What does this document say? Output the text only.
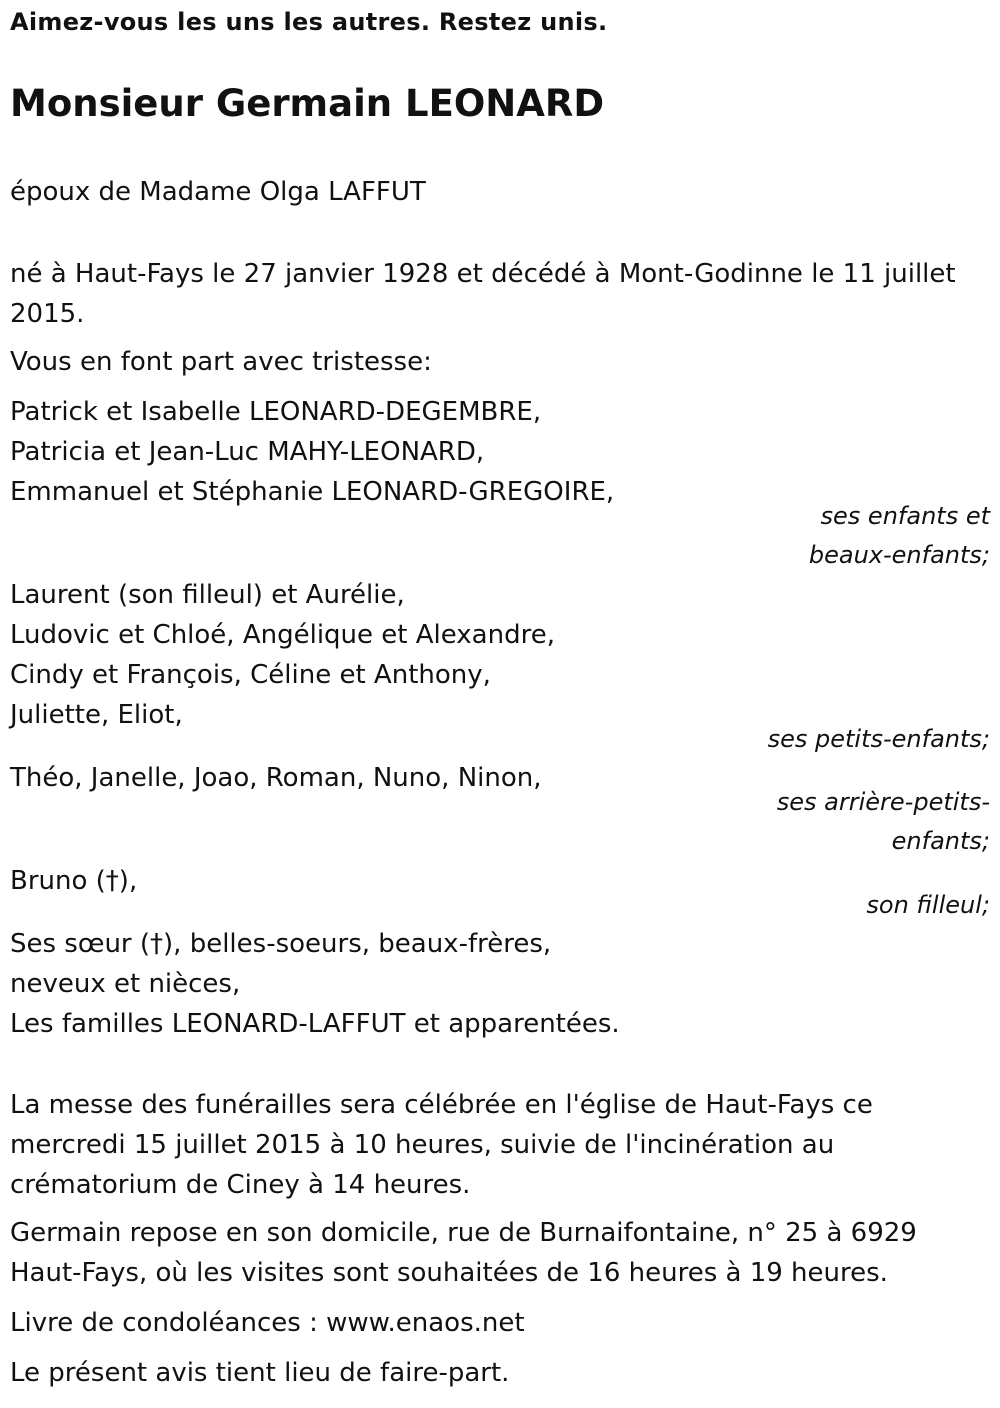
Aimez-vous les uns les autres. Restez unis.
Monsieur Germain LEONARD
époux de Madame Olga LAFFUT
né à Haut-Fays le 27 janvier 1928 et décédé à Mont-Godinne le 11 juillet 2015.
Vous en font part avec tristesse:
Patrick et Isabelle LEONARD-DEGEMBRE,
Patricia et Jean-Luc MAHY-LEONARD,
Emmanuel et Stéphanie LEONARD-GREGOIRE,
ses enfants et
beaux-enfants;
Laurent (son filleul) et Aurélie,
Ludovic et Chloé, Angélique et Alexandre,
Cindy et François, Céline et Anthony,
Juliette, Eliot,
ses petits-enfants;
Théo, Janelle, Joao, Roman, Nuno, Ninon,
ses arrière-petits-
enfants;
Bruno (†),
son filleul;
Ses sœur (†), belles-soeurs, beaux-frères,
neveux et nièces,
Les familles LEONARD-LAFFUT et apparentées.
La messe des funérailles sera célébrée en l'église de Haut-Fays ce mercredi 15 juillet 2015 à 10 heures, suivie de l'incinération au crématorium de Ciney à 14 heures.
Germain repose en son domicile, rue de Burnaifontaine, n° 25 à 6929 Haut-Fays, où les visites sont souhaitées de 16 heures à 19 heures.
Livre de condoléances : www.enaos.net
Le présent avis tient lieu de faire-part.
